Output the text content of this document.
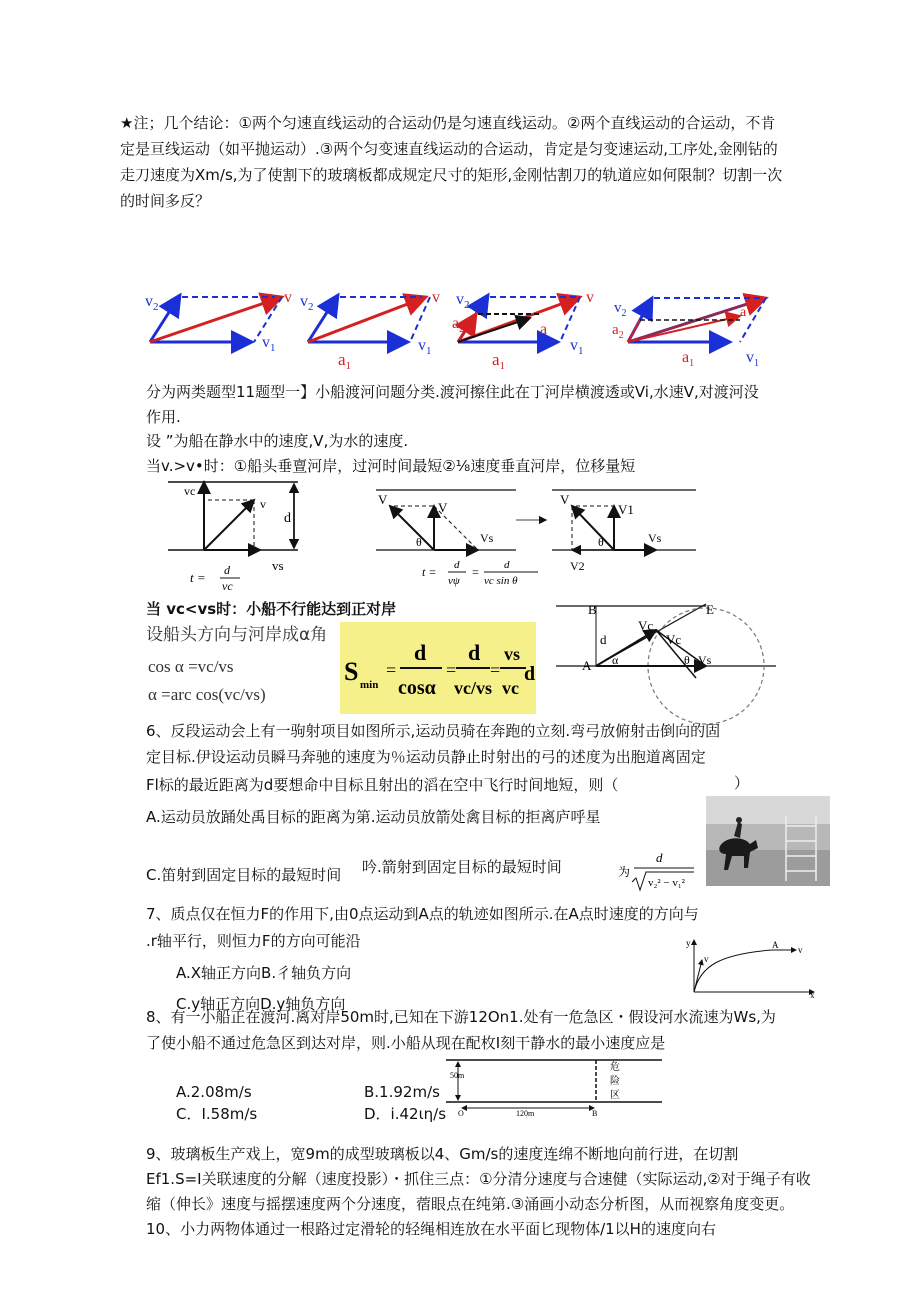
★注；几个结论：①两个匀速直线运动的合运动仍是匀速直线运动。②两个直线运动的合运动，不肯
定是亘线运动（如平抛运动）.③两个匀变速直线运动的合运动，肯定是匀变速运动,工序处,金刚钻的
走刀速度为Xm/s,为了使割下的玻璃板都成规定尺寸的矩形,金刚怙割刀的轨道应如何限制？切割一次
的时间多反？
$v_2$
v
$v_1$
$v_2$
v
$v_1$
$a_1$
$v_2$
$a_2$	a
v
$v_1$
$a_1$
$v_2$
$a_2$
a
$a_1$	$v_1$
分为两类题型11题型一】小船渡河问题分类.渡河擦住此在丁河岸横渡透或Vi,水速V,对渡河没
作用.
设 ”为船在静水中的速度,V,为水的速度.
当v.>v•时：①船头垂亶河岸，过河时间最短②⅛速度垂直河岸，位移量短
vc
v
d
vs
t = d
vc
V
V
θ	Vs
t = d
vψ
= d
vc sin θ
V
V1
θ	Vs
V2
当 vc<vs时：小船不行能达到正对岸
设船头方向与河岸成α角
cos α =vc/vs
α =arc cos(vc/vs)
S min
=
d
cosα
=
d
vc/vs
=
vs
vc
d
B	E
d
A α	θ
Vc
Vc
Vs
6、反段运动会上有一驹射项目如图所示,运动员骑在奔跑的立刻.弯弓放俯射击倒向的固
定目标.伊设运动员瞬马奔驰的速度为％运动员静止时射出的弓的述度为出胞道离固定
Fl标的最近距离为d要想命中目标且射出的滔在空中飞行时间地短，则（	）
A.运动员放踊处禹目标的距离为第.运动员放箭处禽目标的拒离庐呼星
C.笛射到固定目标的最短时间 吟.箭射到固定目标的最短时间	为
d
v₂² − v₁²
7、质点仅在恒力F的作用下,由0点运动到A点的轨迹如图所示.在A点时速度的方向与
.r轴平行，则恒力F的方向可能沿
A.X轴正方向B.彳轴负方向
C.y轴正方向D.y轴负方向
y
x
v
A v
8、有一小船正在渡河.离对岸50m时,已知在下游12On1.处有一危急区・假设河水流速为Ws,为
了使小船不通过危急区到达对岸，则.小船从现在配枚I刻干静水的最小速度应是
A.2.08m∕s	B.1.92m∕s
C．I.58m∕s	D．i.42ιη∕s
50m
120m
O	B
危
险
区
9、玻璃板生产戏上，宽9m的成型玻璃板以4、Gm/s的速度连绵不断地向前行进，在切割
Ef1.S=I关联速度的分解（速度投影）・抓住三点：①分清分速度与合速健（实际运动,②对于绳子有收
缩（伸长》速度与摇摆速度两个分速度，蓿眼点在纯第.③涌画小动态分析图，从而视察角度变更。
10、小力两物体通过一根路过定滑轮的轻绳相连放在水平面匕现物体/1以H的速度向右
